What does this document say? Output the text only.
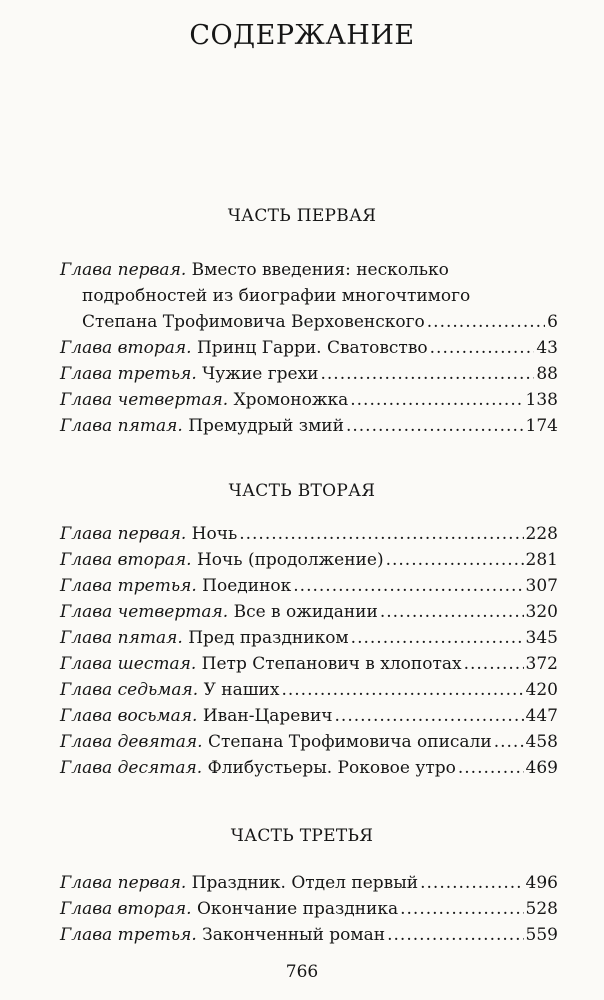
СОДЕРЖАНИЕ
ЧАСТЬ ПЕРВАЯ
Глава первая. Вместо введения: несколько
подробностей из биографии многочтимого
Степана Трофимовича Верховенского .....	6
Глава вторая. Принц Гарри. Сватовство .....	43
Глава третья. Чужие грехи .....	88
Глава четвертая. Хромоножка .....	138
Глава пятая. Премудрый змий .....	174
ЧАСТЬ ВТОРАЯ
Глава первая. Ночь .....	228
Глава вторая. Ночь (продолжение) .....	281
Глава третья. Поединок .....	307
Глава четвертая. Все в ожидании .....	320
Глава пятая. Пред праздником .....	345
Глава шестая. Петр Степанович в хлопотах .....	372
Глава седьмая. У наших .....	420
Глава восьмая. Иван-Царевич .....	447
Глава девятая. Степана Трофимовича описали ..... 458
Глава десятая. Флибустьеры. Роковое утро .....	469
ЧАСТЬ ТРЕТЬЯ
Глава первая. Праздник. Отдел первый .....	496
Глава вторая. Окончание праздника .....	528
Глава третья. Законченный роман .....	559
766
